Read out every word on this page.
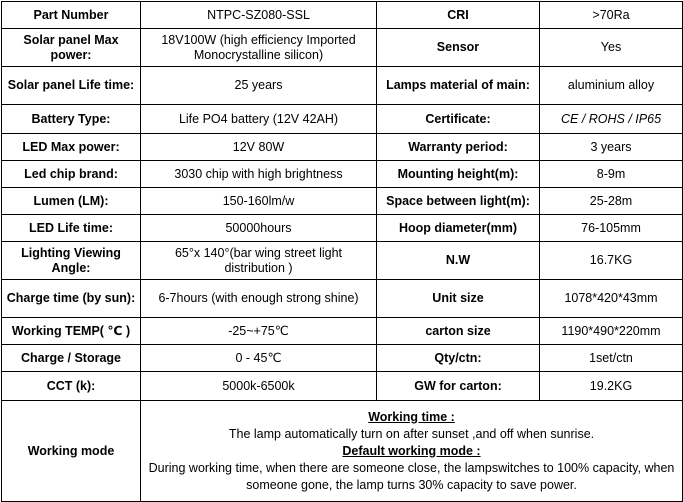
Part Number	NTPC-SZ080-SSL	CRI	>70Ra
Solar panel Max power:	18V100W (high efficiency Imported Monocrystalline silicon)	Sensor	Yes
Solar panel Life time:	25 years	Lamps material of main:	aluminium alloy
Battery Type:	Life PO4 battery (12V 42AH)	Certificate:	CE / ROHS / IP65
LED Max power:	12V 80W	Warranty period:	3 years
Led chip brand:	3030 chip with high brightness	Mounting height(m):	8-9m
Lumen (LM):	150-160lm/w	Space between light(m):	25-28m
LED Life time:	50000hours	Hoop diameter(mm)	76-105mm
Lighting Viewing Angle:	65°x 140°(bar wing street light distribution )	N.W	16.7KG
Charge time (by sun):	6-7hours (with enough strong shine)	Unit size	1078*420*43mm
Working TEMP( ℃ )	-25~+75℃	carton size	1190*490*220mm
Charge / Storage	0 - 45℃	Qty/ctn:	1set/ctn
CCT (k):	5000k-6500k	GW for carton:	19.2KG
Working mode	Working time :
The lamp automatically turn on after sunset ,and off when sunrise.
Default working mode :
During working time, when there are someone close, the lampswitches to 100% capacity, when someone gone, the lamp turns 30% capacity to save power.		
